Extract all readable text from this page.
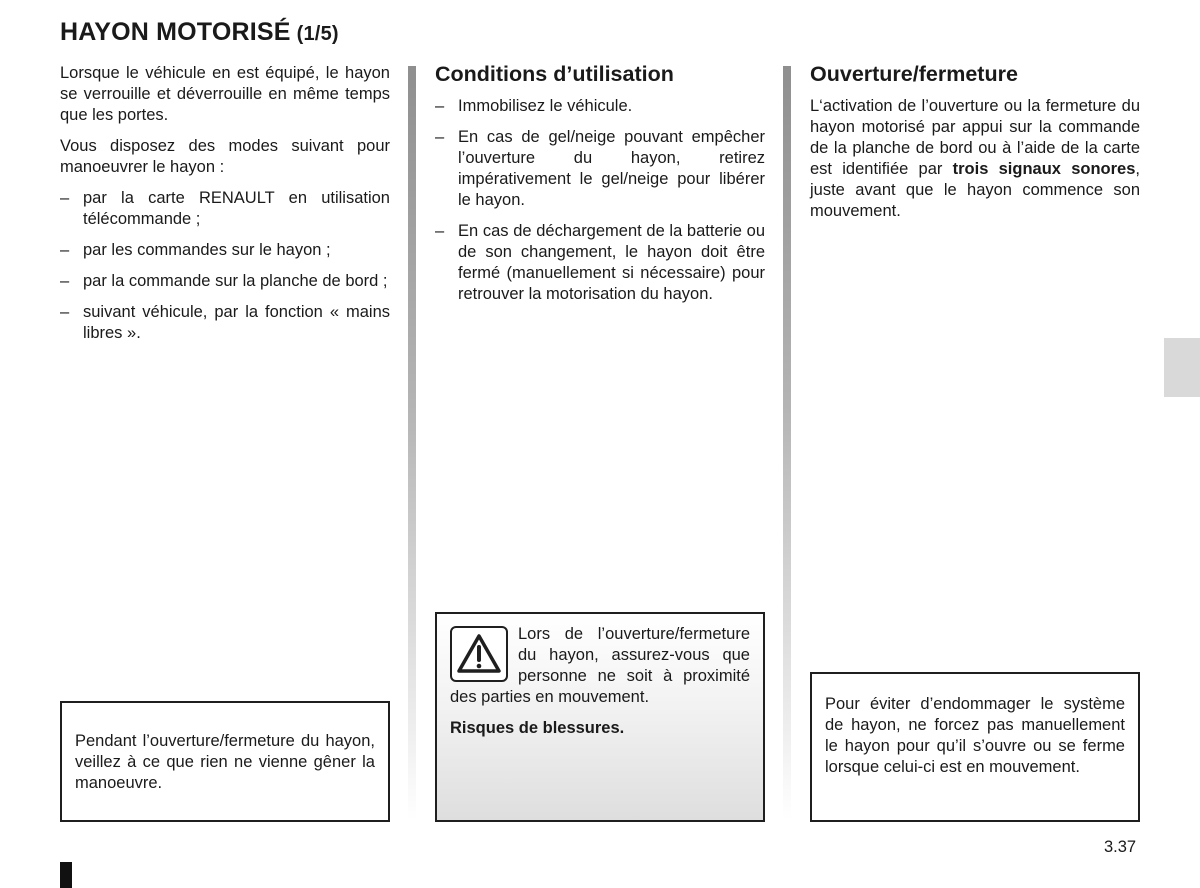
HAYON MOTORISÉ (1/5)

Lorsque le véhicule en est équipé, le hayon se verrouille et déverrouille en même temps que les portes.

Vous disposez des modes suivant pour manoeuvrer le hayon :

– par la carte RENAULT en utilisation télécommande ;
– par les commandes sur le hayon ;
– par la commande sur la planche de bord ;
– suivant véhicule, par la fonction « mains libres ».
Conditions d’utilisation
– Immobilisez le véhicule.
– En cas de gel/neige pouvant empêcher l’ouverture du hayon, retirez impérativement le gel/neige pour libérer le hayon.
– En cas de déchargement de la batterie ou de son changement, le hayon doit être fermé (manuellement si nécessaire) pour retrouver la motorisation du hayon.
Ouverture/fermeture

L‘activation de l’ouverture ou la fermeture du hayon motorisé par appui sur la commande de la planche de bord ou à l’aide de la carte est identifiée par trois signaux sonores, juste avant que le hayon commence son mouvement.

Pendant l’ouverture/fermeture du hayon, veillez à ce que rien ne vienne gêner la manoeuvre.

Lors de l’ouverture/fermeture du hayon, assurez-vous que personne ne soit à proximité des parties en mouvement.

Risques de blessures.

Pour éviter d’endommager le système de hayon, ne forcez pas manuellement le hayon pour qu’il s’ouvre ou se ferme lorsque celui-ci est en mouvement.
3.37
